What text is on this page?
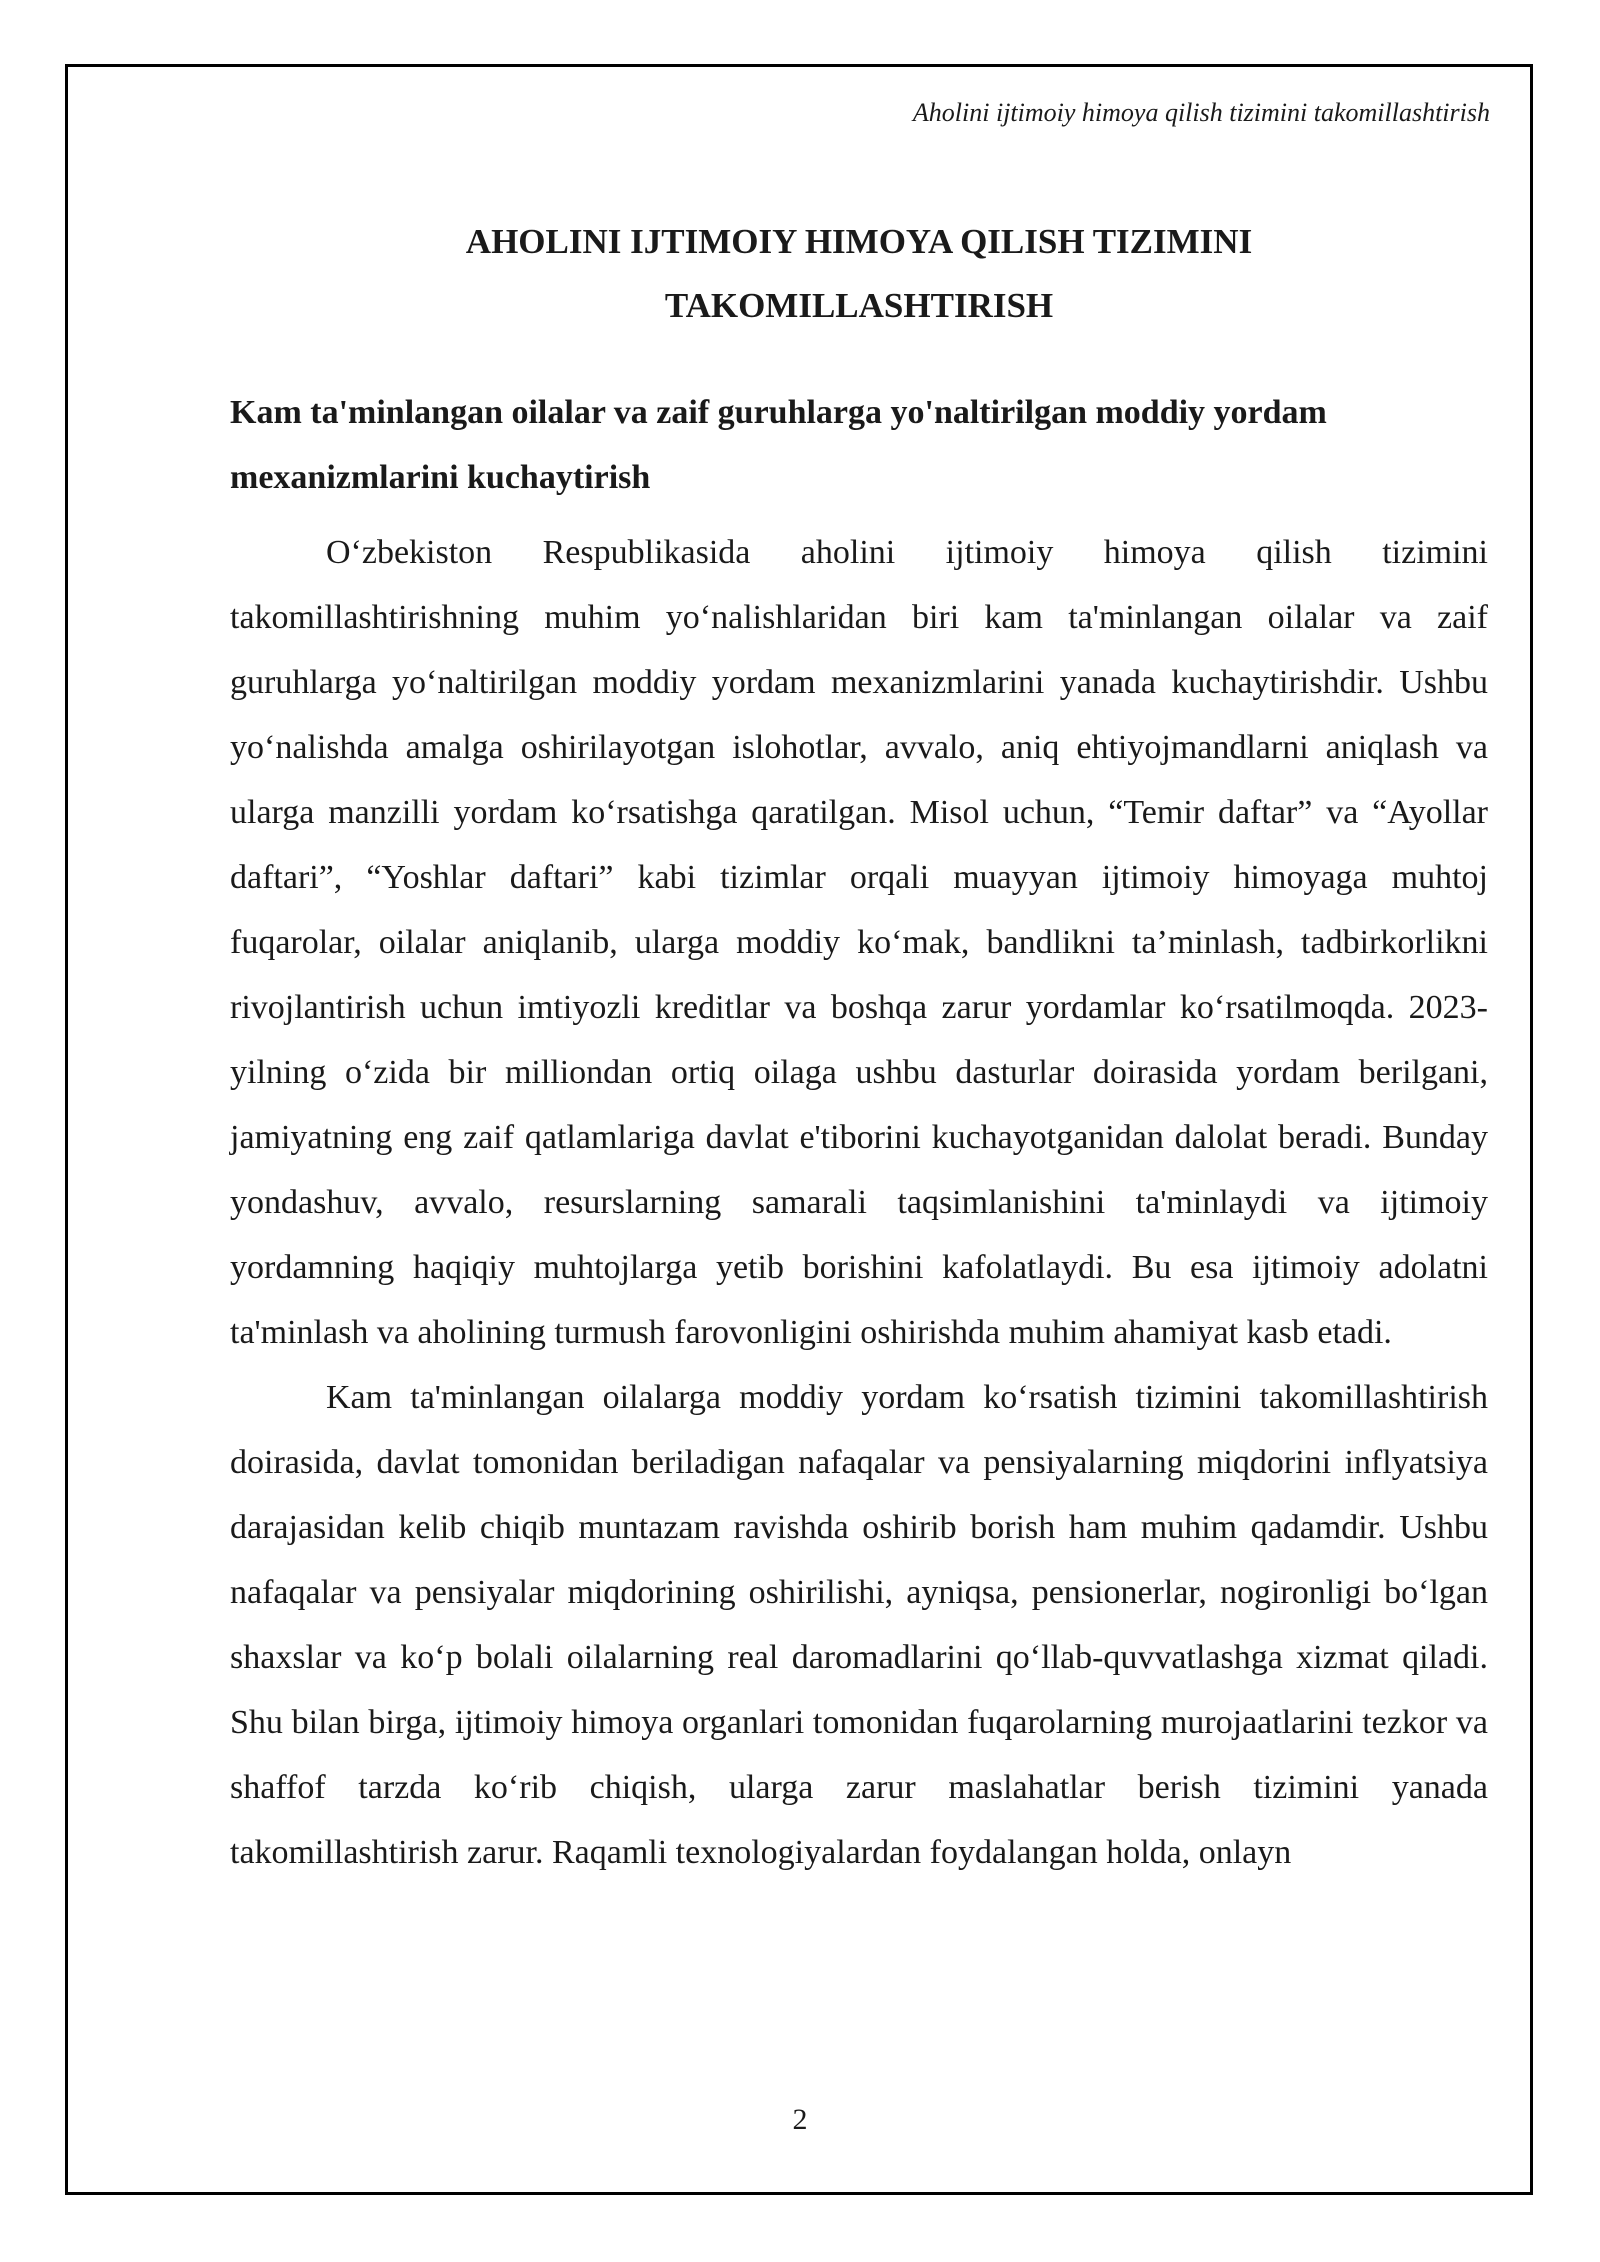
Aholini ijtimoiy himoya qilish tizimini takomillashtirish
AHOLINI IJTIMOIY HIMOYA QILISH TIZIMINI
TAKOMILLASHTIRISH

Kam ta'minlangan oilalar va zaif guruhlarga yo'naltirilgan moddiy yordam mexanizmlarini kuchaytirish

O‘zbekiston Respublikasida aholini ijtimoiy himoya qilish tizimini takomillashtirishning muhim yo‘nalishlaridan biri kam ta'minlangan oilalar va zaif guruhlarga yo‘naltirilgan moddiy yordam mexanizmlarini yanada kuchaytirishdir. Ushbu yo‘nalishda amalga oshirilayotgan islohotlar, avvalo, aniq ehtiyojmandlarni aniqlash va ularga manzilli yordam ko‘rsatishga qaratilgan. Misol uchun, “Temir daftar” va “Ayollar daftari”, “Yoshlar daftari” kabi tizimlar orqali muayyan ijtimoiy himoyaga muhtoj fuqarolar, oilalar aniqlanib, ularga moddiy ko‘mak, bandlikni ta’minlash, tadbirkorlikni rivojlantirish uchun imtiyozli kreditlar va boshqa zarur yordamlar ko‘rsatilmoqda. 2023-yilning o‘zida bir milliondan ortiq oilaga ushbu dasturlar doirasida yordam berilgani, jamiyatning eng zaif qatlamlariga davlat e'tiborini kuchayotganidan dalolat beradi. Bunday yondashuv, avvalo, resurslarning samarali taqsimlanishini ta'minlaydi va ijtimoiy yordamning haqiqiy muhtojlarga yetib borishini kafolatlaydi. Bu esa ijtimoiy adolatni ta'minlash va aholining turmush farovonligini oshirishda muhim ahamiyat kasb etadi.

Kam ta'minlangan oilalarga moddiy yordam ko‘rsatish tizimini takomillashtirish doirasida, davlat tomonidan beriladigan nafaqalar va pensiyalarning miqdorini inflyatsiya darajasidan kelib chiqib muntazam ravishda oshirib borish ham muhim qadamdir. Ushbu nafaqalar va pensiyalar miqdorining oshirilishi, ayniqsa, pensionerlar, nogironligi bo‘lgan shaxslar va ko‘p bolali oilalarning real daromadlarini qo‘llab-quvvatlashga xizmat qiladi. Shu bilan birga, ijtimoiy himoya organlari tomonidan fuqarolarning murojaatlarini tezkor va shaffof tarzda ko‘rib chiqish, ularga zarur maslahatlar berish tizimini yanada takomillashtirish zarur. Raqamli texnologiyalardan foydalangan holda, onlayn

2
